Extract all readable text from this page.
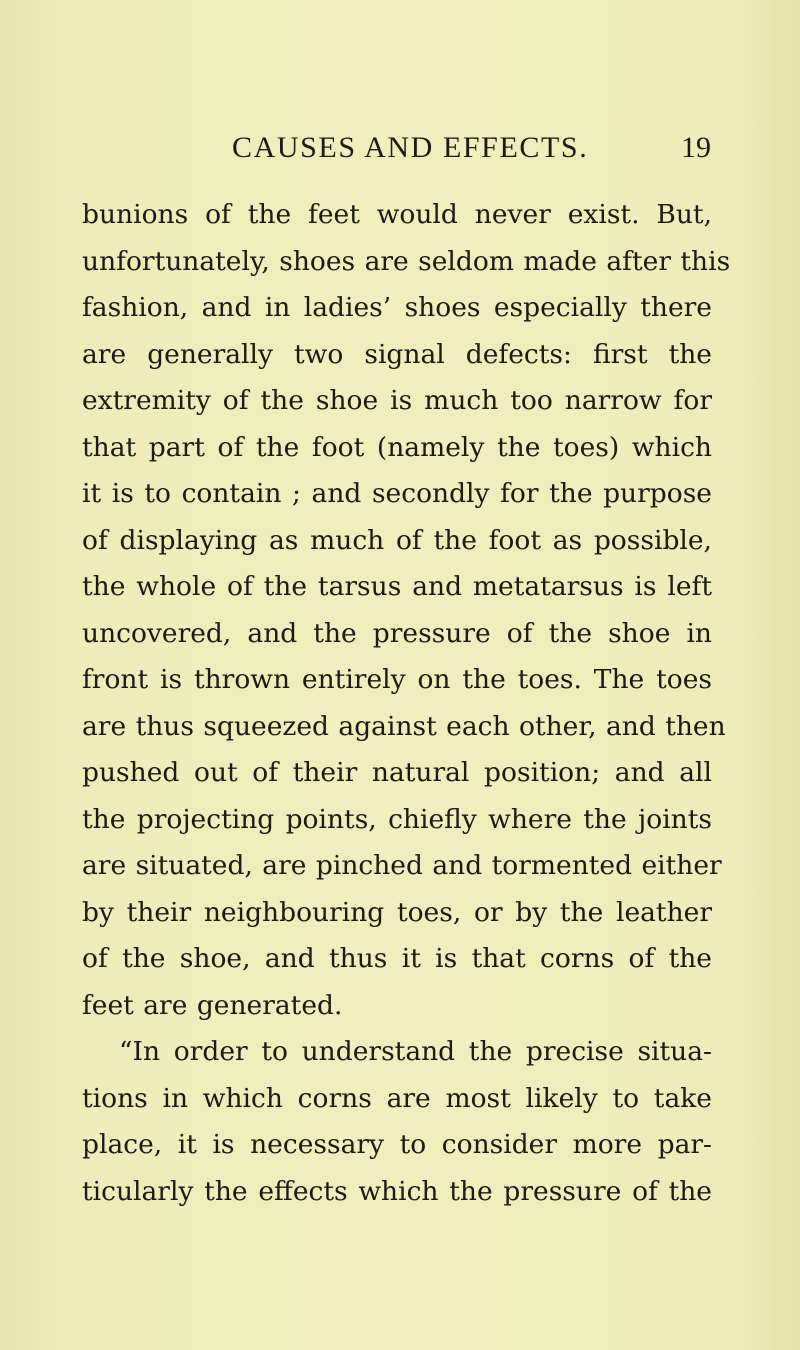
CAUSES AND EFFECTS.	19
bunions of the feet would never exist. But,
unfortunately, shoes are seldom made after this
fashion, and in ladies’ shoes especially there
are generally two signal defects: first the
extremity of the shoe is much too narrow for
that part of the foot (namely the toes) which
it is to contain ; and secondly for the purpose
of displaying as much of the foot as possible,
the whole of the tarsus and metatarsus is left
uncovered, and the pressure of the shoe in
front is thrown entirely on the toes. The toes
are thus squeezed against each other, and then
pushed out of their natural position; and all
the projecting points, chiefly where the joints
are situated, are pinched and tormented either
by their neighbouring toes, or by the leather
of the shoe, and thus it is that corns of the
feet are generated.
“In order to understand the precise situa-
tions in which corns are most likely to take
place, it is necessary to consider more par-
ticularly the effects which the pressure of the
